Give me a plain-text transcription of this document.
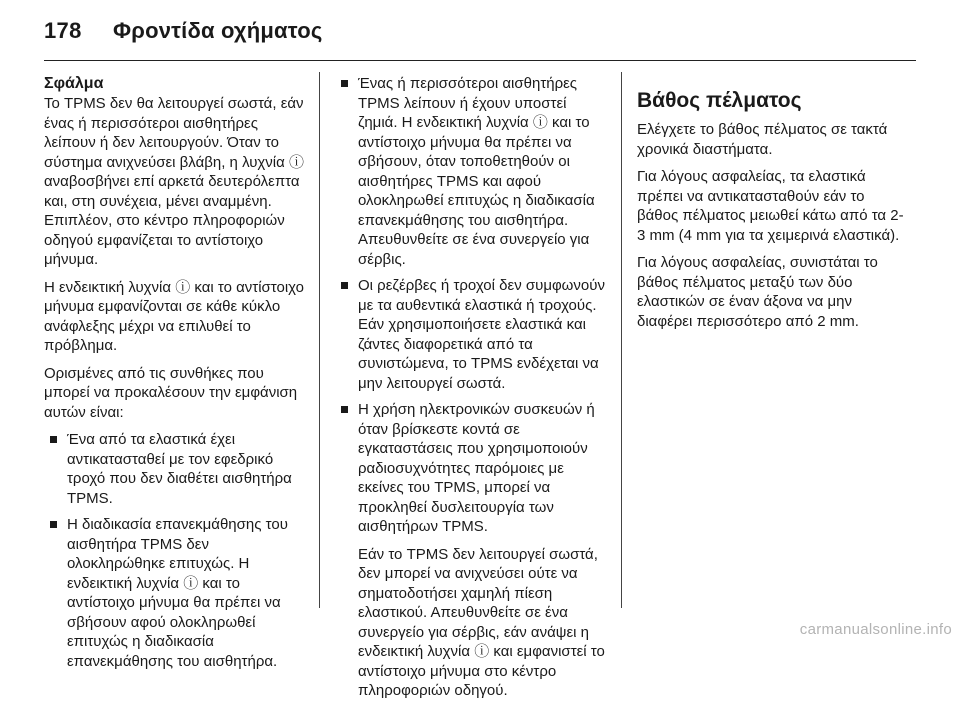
178 Φροντίδα οχήματος
Σφάλμα

Το TPMS δεν θα λειτουργεί σωστά, εάν ένας ή περισσότεροι αισθητήρες λείπουν ή δεν λειτουργούν. Όταν το σύστημα ανιχνεύσει βλάβη, η λυχνία ⓘ αναβοσβήνει επί αρκετά δευτερόλεπτα και, στη συνέχεια, μένει αναμμένη. Επιπλέον, στο κέντρο πληροφοριών οδηγού εμφανίζεται το αντίστοιχο μήνυμα.

Η ενδεικτική λυχνία ⓘ και το αντίστοιχο μήνυμα εμφανίζονται σε κάθε κύκλο ανάφλεξης μέχρι να επιλυθεί το πρόβλημα.

Ορισμένες από τις συνθήκες που μπορεί να προκαλέσουν την εμφάνιση αυτών είναι:

Ένα από τα ελαστικά έχει αντικατασταθεί με τον εφεδρικό τροχό που δεν διαθέτει αισθητήρα TPMS.
Η διαδικασία επανεκμάθησης του αισθητήρα TPMS δεν ολοκληρώθηκε επιτυχώς. Η ενδεικτική λυχνία ⓘ και το αντίστοιχο μήνυμα θα πρέπει να σβήσουν αφού ολοκληρωθεί επιτυχώς η διαδικασία επανεκμάθησης του αισθητήρα.
Ένας ή περισσότεροι αισθητήρες TPMS λείπουν ή έχουν υποστεί ζημιά. Η ενδεικτική λυχνία ⓘ και το αντίστοιχο μήνυμα θα πρέπει να σβήσουν, όταν τοποθετηθούν οι αισθητήρες TPMS και αφού ολοκληρωθεί επιτυχώς η διαδικασία επανεκμάθησης του αισθητήρα. Απευθυνθείτε σε ένα συνεργείο για σέρβις.
Οι ρεζέρβες ή τροχοί δεν συμφωνούν με τα αυθεντικά ελαστικά ή τροχούς. Εάν χρησιμοποιήσετε ελαστικά και ζάντες διαφορετικά από τα συνιστώμενα, το TPMS ενδέχεται να μην λειτουργεί σωστά.
Η χρήση ηλεκτρονικών συσκευών ή όταν βρίσκεστε κοντά σε εγκαταστάσεις που χρησιμοποιούν ραδιοσυχνότητες παρόμοιες με εκείνες του TPMS, μπορεί να προκληθεί δυσλειτουργία των αισθητήρων TPMS.
Εάν το TPMS δεν λειτουργεί σωστά, δεν μπορεί να ανιχνεύσει ούτε να σηματοδοτήσει χαμηλή πίεση ελαστικού. Απευθυνθείτε σε ένα συνεργείο για σέρβις, εάν ανάψει η ενδεικτική λυχνία ⓘ και εμφανιστεί το αντίστοιχο μήνυμα στο κέντρο πληροφοριών οδηγού.
Βάθος πέλματος

Ελέγχετε το βάθος πέλματος σε τακτά χρονικά διαστήματα.

Για λόγους ασφαλείας, τα ελαστικά πρέπει να αντικατασταθούν εάν το βάθος πέλματος μειωθεί κάτω από τα 2-3 mm (4 mm για τα χειμερινά ελαστικά).

Για λόγους ασφαλείας, συνιστάται το βάθος πέλματος μεταξύ των δύο ελαστικών σε έναν άξονα να μην διαφέρει περισσότερο από 2 mm.

carmanualsonline.info
